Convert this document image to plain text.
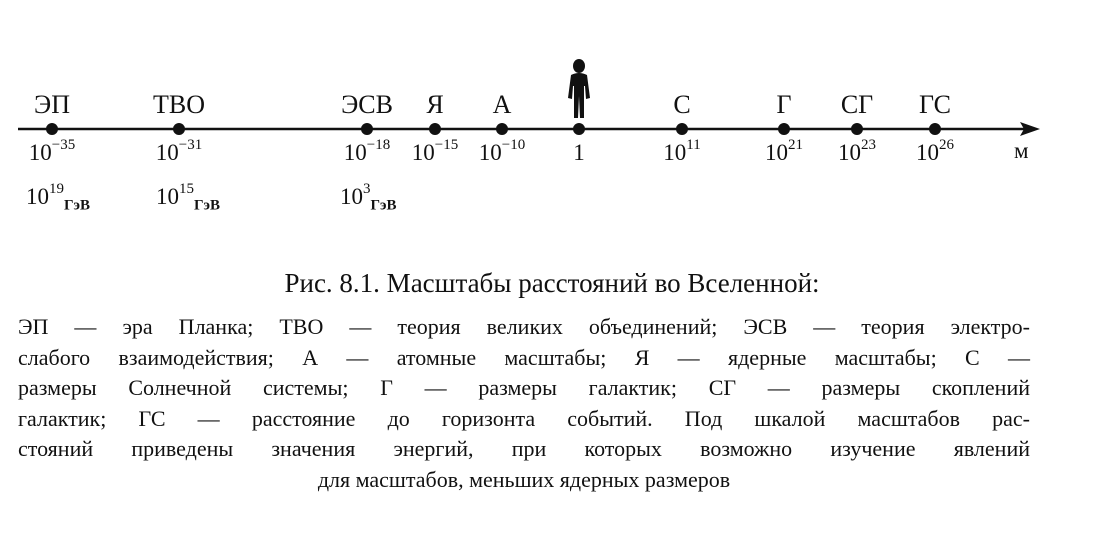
ЭП
$10^{-35}$
$10^{19}_{ГэВ}$
ТВО
$10^{-31}$
$10^{15}_{ГэВ}$
ЭСВ
$10^{-18}$
$10^3_{ГэВ}$
Я
$10^{-15}$
А
$10^{-10}$ 1
С
$10^{11}$
Г
$10^{21}$
СГ
$10^{23}$
ГС
$10^{26}$	м
Рис. 8.1. Масштабы расстояний во Вселенной:
ЭП — эра Планка; ТВО — теория великих объединений; ЭСВ — теория электро-
слабого взаимодействия; А — атомные масштабы; Я — ядерные масштабы; С —
размеры Солнечной системы; Г — размеры галактик; СГ — размеры скоплений
галактик; ГС — расстояние до горизонта событий. Под шкалой масштабов рас-
стояний приведены значения энергий, при которых возможно изучение явлений
для масштабов, меньших ядерных размеров
